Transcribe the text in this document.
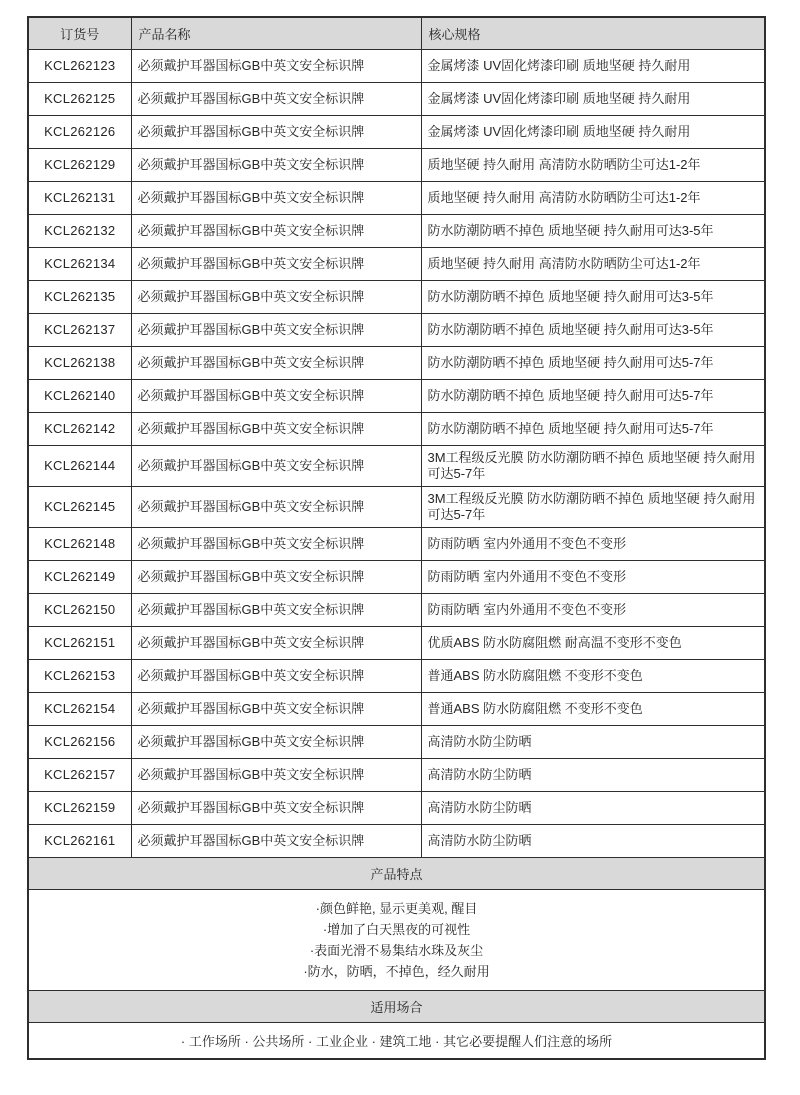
订货号	产品名称	核心规格
KCL262123	必须戴护耳器国标GB中英文安全标识牌	金属烤漆 UV固化烤漆印刷 质地坚硬 持久耐用
KCL262125	必须戴护耳器国标GB中英文安全标识牌	金属烤漆 UV固化烤漆印刷 质地坚硬 持久耐用
KCL262126	必须戴护耳器国标GB中英文安全标识牌	金属烤漆 UV固化烤漆印刷 质地坚硬 持久耐用
KCL262129	必须戴护耳器国标GB中英文安全标识牌	质地坚硬 持久耐用 高清防水防晒防尘可达1-2年
KCL262131	必须戴护耳器国标GB中英文安全标识牌	质地坚硬 持久耐用 高清防水防晒防尘可达1-2年
KCL262132	必须戴护耳器国标GB中英文安全标识牌	防水防潮防晒不掉色 质地坚硬 持久耐用可达3-5年
KCL262134	必须戴护耳器国标GB中英文安全标识牌	质地坚硬 持久耐用 高清防水防晒防尘可达1-2年
KCL262135	必须戴护耳器国标GB中英文安全标识牌	防水防潮防晒不掉色 质地坚硬 持久耐用可达3-5年
KCL262137	必须戴护耳器国标GB中英文安全标识牌	防水防潮防晒不掉色 质地坚硬 持久耐用可达3-5年
KCL262138	必须戴护耳器国标GB中英文安全标识牌	防水防潮防晒不掉色 质地坚硬 持久耐用可达5-7年
KCL262140	必须戴护耳器国标GB中英文安全标识牌	防水防潮防晒不掉色 质地坚硬 持久耐用可达5-7年
KCL262142	必须戴护耳器国标GB中英文安全标识牌	防水防潮防晒不掉色 质地坚硬 持久耐用可达5-7年
KCL262144	必须戴护耳器国标GB中英文安全标识牌	3M工程级反光膜 防水防潮防晒不掉色 质地坚硬 持久耐用可达5-7年
KCL262145	必须戴护耳器国标GB中英文安全标识牌	3M工程级反光膜 防水防潮防晒不掉色 质地坚硬 持久耐用可达5-7年
KCL262148	必须戴护耳器国标GB中英文安全标识牌	防雨防晒 室内外通用不变色不变形
KCL262149	必须戴护耳器国标GB中英文安全标识牌	防雨防晒 室内外通用不变色不变形
KCL262150	必须戴护耳器国标GB中英文安全标识牌	防雨防晒 室内外通用不变色不变形
KCL262151	必须戴护耳器国标GB中英文安全标识牌	优质ABS 防水防腐阻燃 耐高温不变形不变色
KCL262153	必须戴护耳器国标GB中英文安全标识牌	普通ABS 防水防腐阻燃 不变形不变色
KCL262154	必须戴护耳器国标GB中英文安全标识牌	普通ABS 防水防腐阻燃 不变形不变色
KCL262156	必须戴护耳器国标GB中英文安全标识牌	高清防水防尘防晒
KCL262157	必须戴护耳器国标GB中英文安全标识牌	高清防水防尘防晒
KCL262159	必须戴护耳器国标GB中英文安全标识牌	高清防水防尘防晒
KCL262161	必须戴护耳器国标GB中英文安全标识牌	高清防水防尘防晒
产品特点		

·颜色鲜艳, 显示更美观, 醒目
·增加了白天黑夜的可视性
·表面光滑不易集结水珠及灰尘
·防水，防晒，不掉色，经久耐用		

适用场合		
· 工作场所 · 公共场所 · 工业企业 · 建筑工地 · 其它必要提醒人们注意的场所		
